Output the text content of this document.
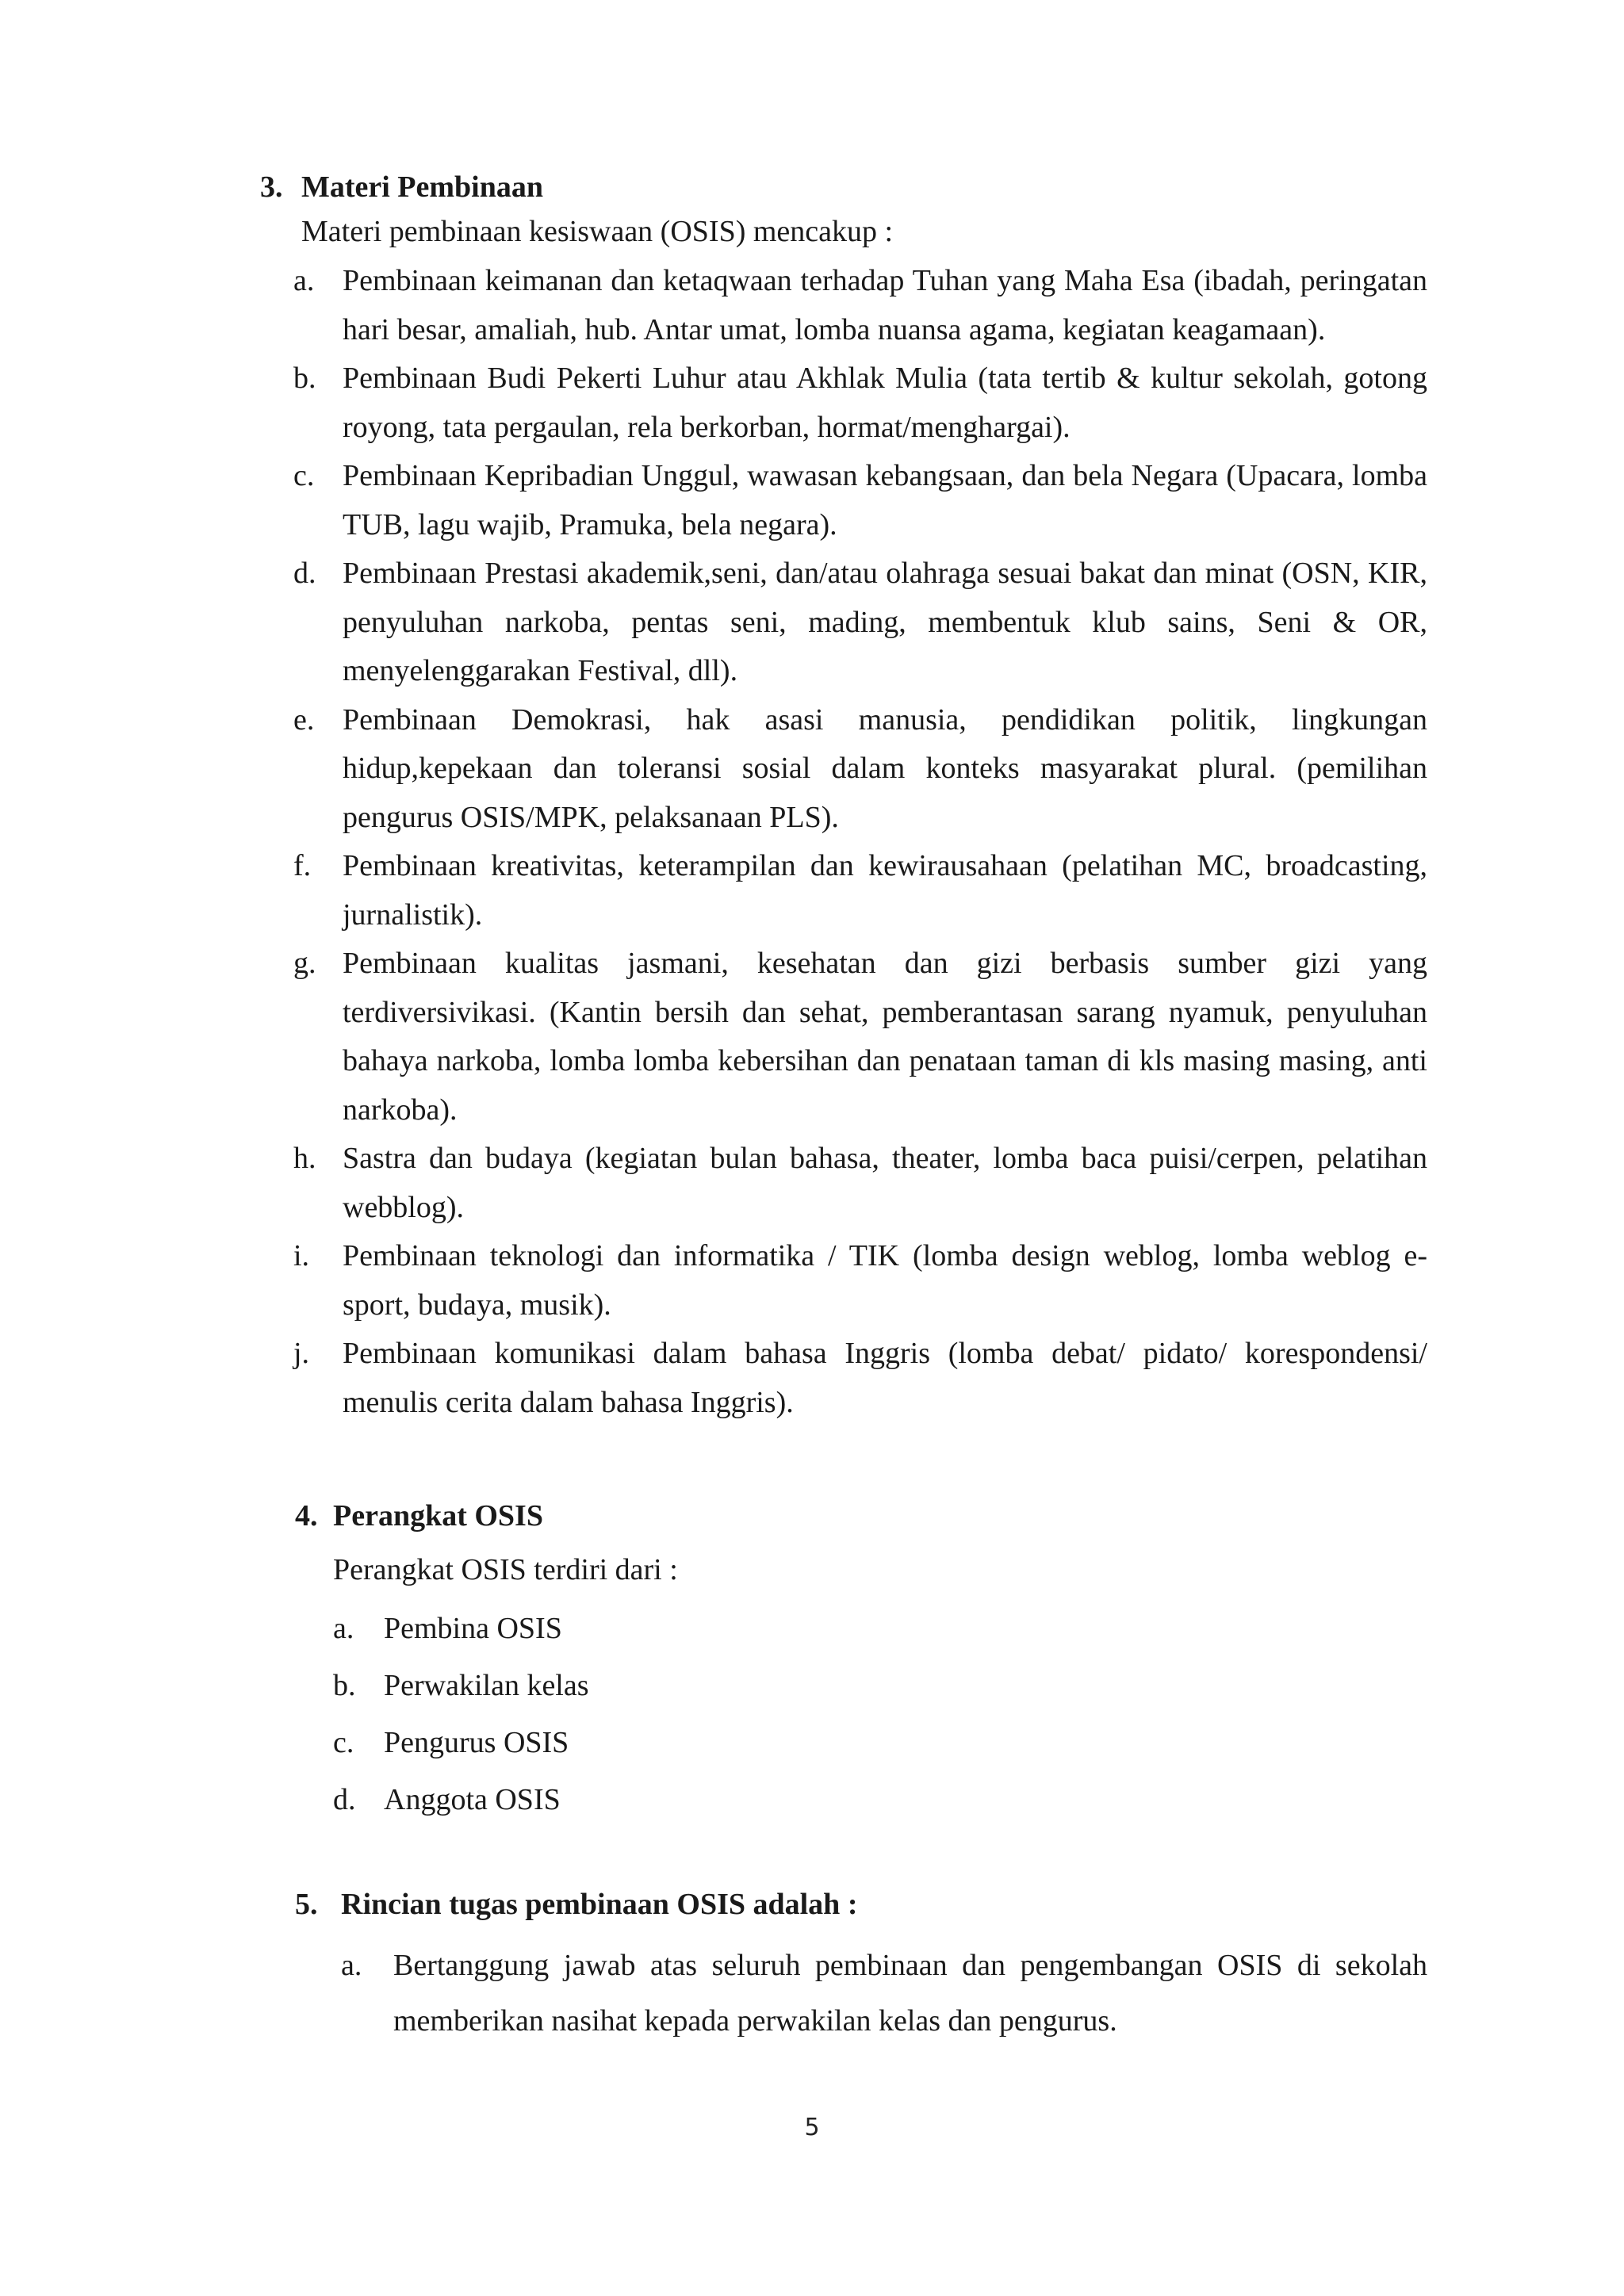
3. Materi Pembinaan
Materi pembinaan kesiswaan (OSIS) mencakup :
a. Pembinaan keimanan dan ketaqwaan terhadap Tuhan yang Maha Esa (ibadah, peringatan hari besar, amaliah, hub. Antar umat, lomba nuansa agama, kegiatan keagamaan).
b. Pembinaan Budi Pekerti Luhur atau Akhlak Mulia (tata tertib & kultur sekolah, gotong royong, tata pergaulan, rela berkorban, hormat/menghargai).
c. Pembinaan Kepribadian Unggul, wawasan kebangsaan, dan bela Negara (Upacara, lomba TUB, lagu wajib, Pramuka, bela negara).
d. Pembinaan Prestasi akademik,seni, dan/atau olahraga sesuai bakat dan minat (OSN, KIR, penyuluhan narkoba, pentas seni, mading, membentuk klub sains, Seni & OR, menyelenggarakan Festival, dll).
e. Pembinaan Demokrasi, hak asasi manusia, pendidikan politik, lingkungan hidup,kepekaan dan toleransi sosial dalam konteks masyarakat plural. (pemilihan pengurus OSIS/MPK, pelaksanaan PLS).
f. Pembinaan kreativitas, keterampilan dan kewirausahaan (pelatihan MC, broadcasting, jurnalistik).
g. Pembinaan kualitas jasmani, kesehatan dan gizi berbasis sumber gizi yang terdiversivikasi. (Kantin bersih dan sehat, pemberantasan sarang nyamuk, penyuluhan bahaya narkoba, lomba lomba kebersihan dan penataan taman di kls masing masing, anti narkoba).
h. Sastra dan budaya (kegiatan bulan bahasa, theater, lomba baca puisi/cerpen, pelatihan webblog).
i. Pembinaan teknologi dan informatika / TIK (lomba design weblog, lomba weblog e-sport, budaya, musik).
j. Pembinaan komunikasi dalam bahasa Inggris (lomba debat/ pidato/ korespondensi/ menulis cerita dalam bahasa Inggris).
4. Perangkat OSIS
Perangkat OSIS terdiri dari :
a. Pembina OSIS
b. Perwakilan kelas
c. Pengurus OSIS
d. Anggota OSIS
5. Rincian tugas pembinaan OSIS adalah :
a. Bertanggung jawab atas seluruh pembinaan dan pengembangan OSIS di sekolah memberikan nasihat kepada perwakilan kelas dan pengurus.
5
